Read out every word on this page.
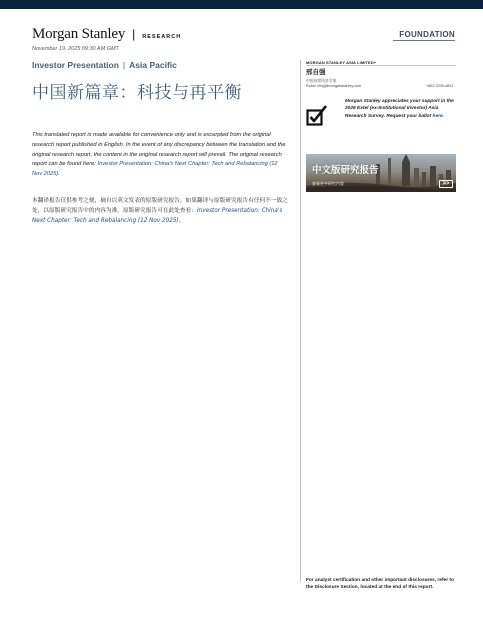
Morgan Stanley | RESEARCH	FOUNDATION
November 19, 2025 09:30 AM GMT
Investor Presentation | Asia Pacific
中国新篇章：科技与再平衡
This translated report is made available for convenience only and is excerpted from the original research report published in English. In the event of any discrepancy between the translation and the original research report, the content in the original research report will prevail. The original research report can be found here: Investor Presentation: China's Next Chapter: Tech and Rebalancing (12 Nov 2025).
本翻译报告仅供参考之便，摘自以英文发表的原版研究报告。如果翻译与原版研究报告有任何不一致之处，以原版研究报告中的内容为准。原版研究报告可在此处查看：Investor Presentation: China's Next Chapter: Tech and Rebalancing (12 Nov 2025)。
MORGAN STANLEY ASIA LIMITED+
邢自强
中国首席经济学家
Robin.Xing@morganstanley.com	+852 2239-6811
Morgan Stanley appreciates your support in the 2026 Extel (ex-Institutional Investor) Asia Research Survey. Request your ballot here.
中文版研究报告
查看更多研究内容	>>
For analyst certification and other important disclosures, refer to the Disclosure Section, located at the end of this report.
